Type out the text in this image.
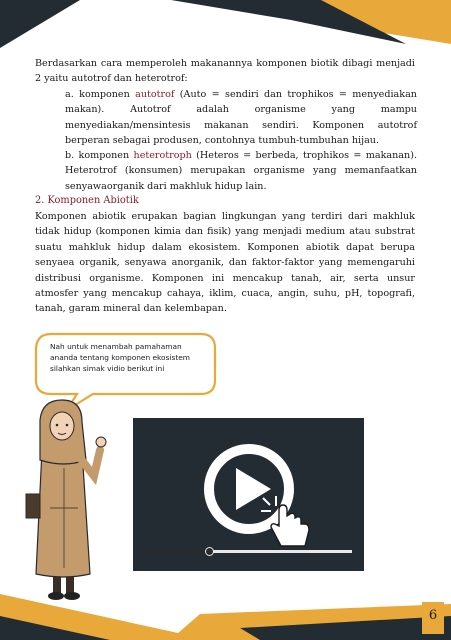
Berdasarkan cara memperoleh makanannya komponen biotik dibagi menjadi 2 yaitu autotrof dan heterotrof:

a. komponen autotrof (Auto = sendiri dan trophikos = menyediakan makan). Autotrof adalah organisme yang mampu menyediakan/mensintesis makanan sendiri. Komponen autotrof berperan sebagai produsen, contohnya tumbuh-tumbuhan hijau.

b. komponen heterotroph (Heteros = berbeda, trophikos = makanan). Heterotrof (konsumen) merupakan organisme yang memanfaatkan senyawaorganik dari makhluk hidup lain.

2. Komponen Abiotik

Komponen abiotik erupakan bagian lingkungan yang terdiri dari makhluk tidak hidup (komponen kimia dan fisik) yang menjadi medium atau substrat suatu mahkluk hidup dalam ekosistem. Komponen abiotik dapat berupa senyaea organik, senyawa anorganik, dan faktor-faktor yang memengaruhi distribusi organisme. Komponen ini mencakup tanah, air, serta unsur atmosfer yang mencakup cahaya, iklim, cuaca, angin, suhu, pH, topografi, tanah, garam mineral dan kelembapan.

Nah untuk menambah pamahaman ananda tentang komponen ekosistem silahkan simak vidio berikut ini
6
